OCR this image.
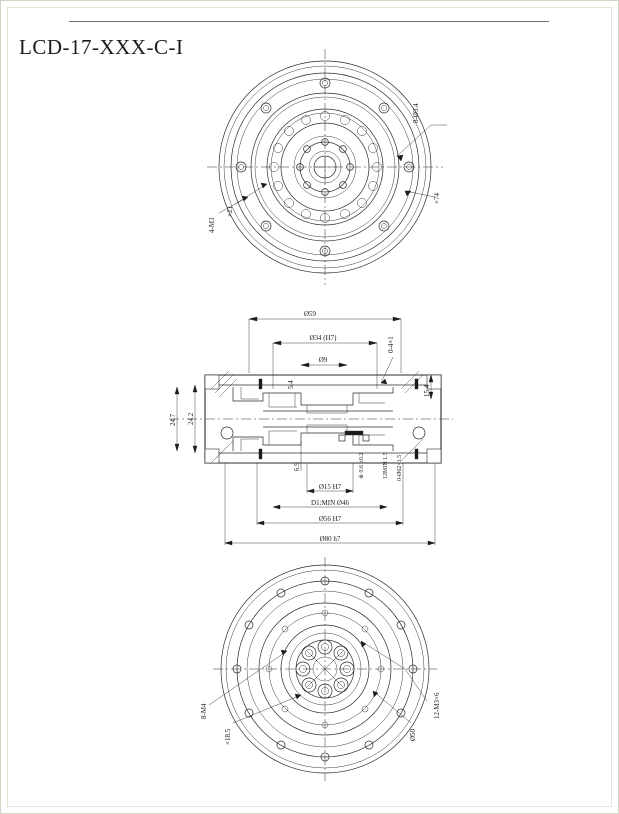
LCD-17-XXX-C-I
8-Ø3.4
×74
4-M3
×21
0-4×1
Ø59
Ø34 (H7)
Ø9
5.4
15.4
24.7 24.2
6.9	※ 0.6 ±0.2	12MIN 1.5 0-Ø62×1.5
Ø15 H7
D1:MIN Ø46
Ø56 H7
Ø80 h7
12-M3×6
Ø50
8-M4
×18.5
